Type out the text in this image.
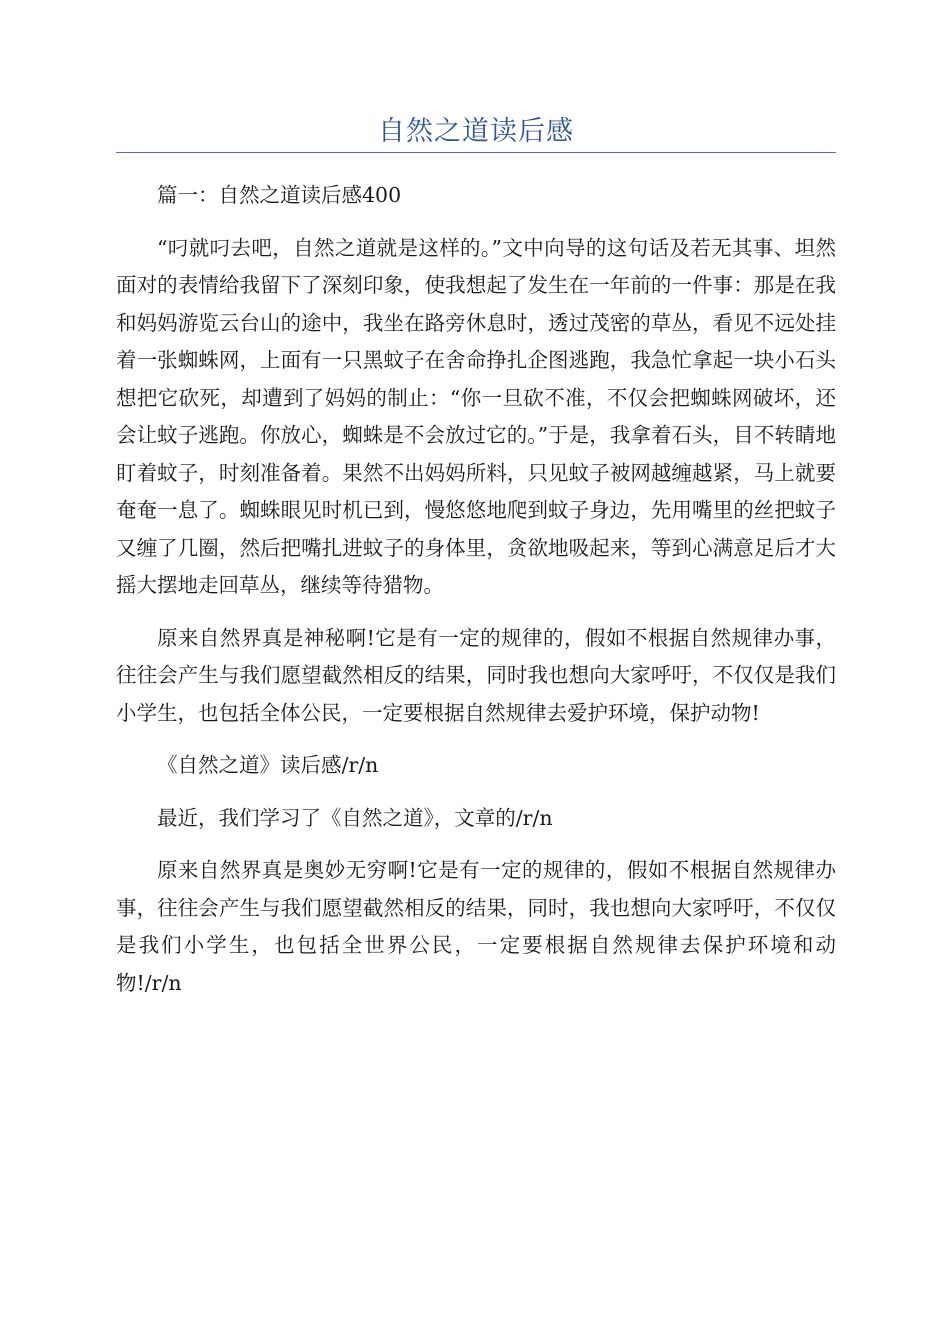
自然之道读后感

篇一：自然之道读后感400

“叼就叼去吧，自然之道就是这样的。”文中向导的这句话及若无其事、坦然面对的表情给我留下了深刻印象，使我想起了发生在一年前的一件事：那是在我和妈妈游览云台山的途中，我坐在路旁休息时，透过茂密的草丛，看见不远处挂着一张蜘蛛网，上面有一只黑蚊子在舍命挣扎企图逃跑，我急忙拿起一块小石头想把它砍死，却遭到了妈妈的制止：“你一旦砍不准，不仅会把蜘蛛网破坏，还会让蚊子逃跑。你放心，蜘蛛是不会放过它的。”于是，我拿着石头，目不转睛地盯着蚊子，时刻准备着。果然不出妈妈所料，只见蚊子被网越缠越紧，马上就要奄奄一息了。蜘蛛眼见时机已到，慢悠悠地爬到蚊子身边，先用嘴里的丝把蚊子又缠了几圈，然后把嘴扎进蚊子的身体里，贪欲地吸起来，等到心满意足后才大摇大摆地走回草丛，继续等待猎物。

原来自然界真是神秘啊!它是有一定的规律的，假如不根据自然规律办事，往往会产生与我们愿望截然相反的结果，同时我也想向大家呼吁，不仅仅是我们小学生，也包括全体公民，一定要根据自然规律去爱护环境，保护动物!

《自然之道》读后感/r/n

最近，我们学习了《自然之道》，文章的/r/n

原来自然界真是奥妙无穷啊!它是有一定的规律的，假如不根据自然规律办事，往往会产生与我们愿望截然相反的结果，同时，我也想向大家呼吁，不仅仅是我们小学生，也包括全世界公民，一定要根据自然规律去保护环境和动物!/r/n
